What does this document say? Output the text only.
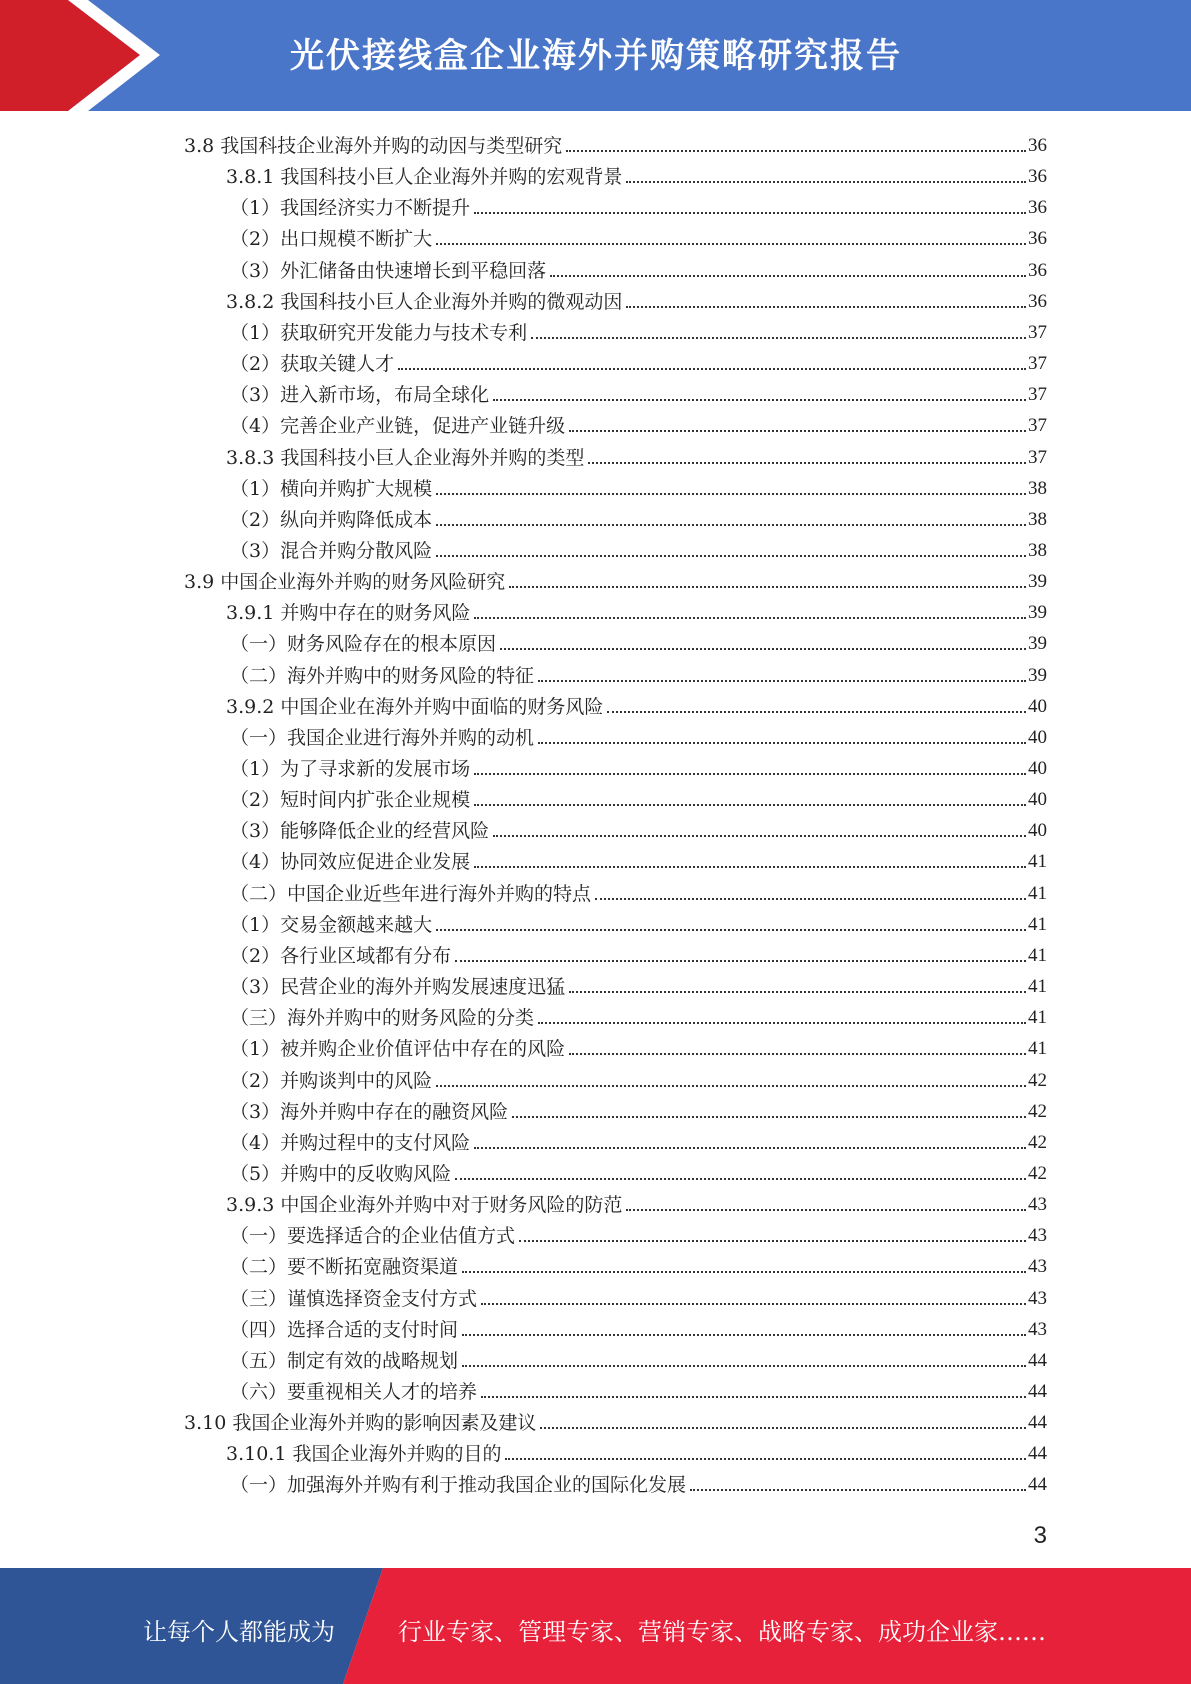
光伏接线盒企业海外并购策略研究报告
3.8 我国科技企业海外并购的动因与类型研究	36
3.8.1 我国科技小巨人企业海外并购的宏观背景	36
（1）我国经济实力不断提升	36
（2）出口规模不断扩大	36
（3）外汇储备由快速增长到平稳回落	36
3.8.2 我国科技小巨人企业海外并购的微观动因	36
（1）获取研究开发能力与技术专利	37
（2）获取关键人才	37
（3）进入新市场，布局全球化	37
（4）完善企业产业链，促进产业链升级	37
3.8.3 我国科技小巨人企业海外并购的类型	37
（1）横向并购扩大规模	38
（2）纵向并购降低成本	38
（3）混合并购分散风险	38
3.9 中国企业海外并购的财务风险研究	39
3.9.1 并购中存在的财务风险	39
（一）财务风险存在的根本原因	39
（二）海外并购中的财务风险的特征	39
3.9.2 中国企业在海外并购中面临的财务风险	40
（一）我国企业进行海外并购的动机	40
（1）为了寻求新的发展市场	40
（2）短时间内扩张企业规模	40
（3）能够降低企业的经营风险	40
（4）协同效应促进企业发展	41
（二）中国企业近些年进行海外并购的特点	41
（1）交易金额越来越大	41
（2）各行业区域都有分布	41
（3）民营企业的海外并购发展速度迅猛	41
（三）海外并购中的财务风险的分类	41
（1）被并购企业价值评估中存在的风险	41
（2）并购谈判中的风险	42
（3）海外并购中存在的融资风险	42
（4）并购过程中的支付风险	42
（5）并购中的反收购风险	42
3.9.3 中国企业海外并购中对于财务风险的防范	43
（一）要选择适合的企业估值方式	43
（二）要不断拓宽融资渠道	43
（三）谨慎选择资金支付方式	43
（四）选择合适的支付时间	43
（五）制定有效的战略规划	44
（六）要重视相关人才的培养	44
3.10 我国企业海外并购的影响因素及建议	44
3.10.1 我国企业海外并购的目的	44
（一）加强海外并购有利于推动我国企业的国际化发展	44
3
让每个人都能成为	行业专家、管理专家、营销专家、战略专家、成功企业家……
